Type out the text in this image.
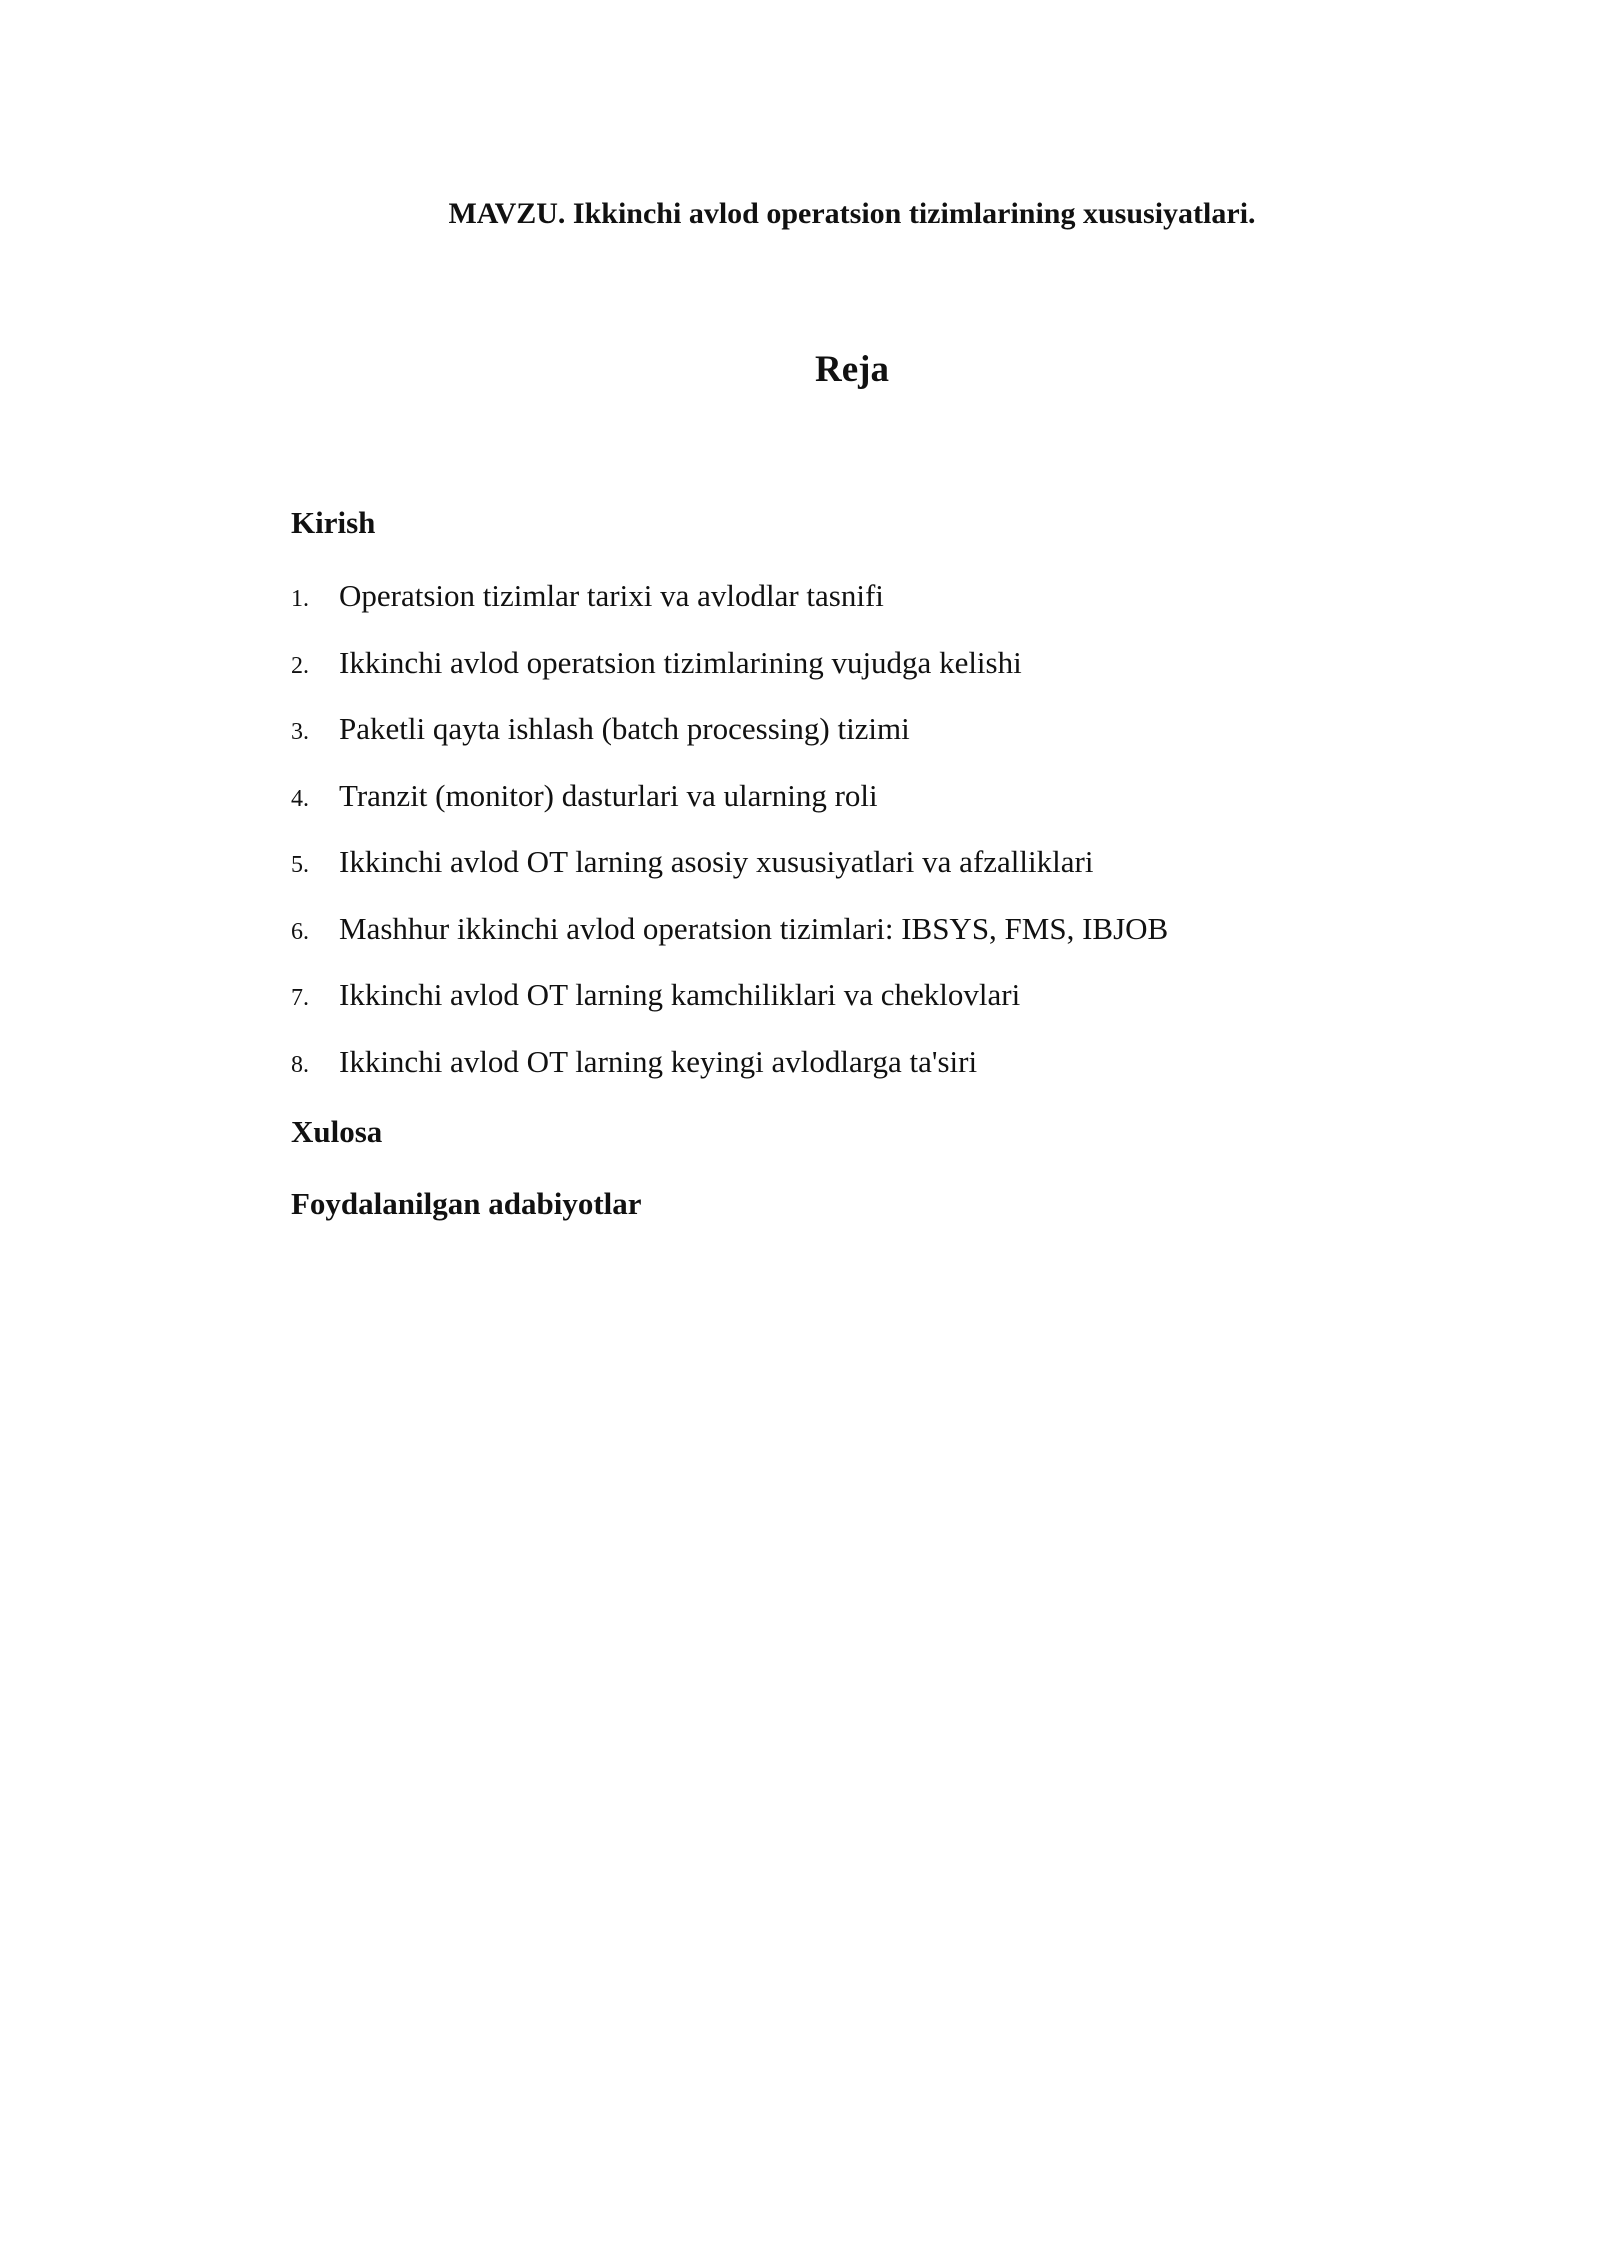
MAVZU. Ikkinchi avlod operatsion tizimlarining xususiyatlari.
Reja
Kirish
1. Operatsion tizimlar tarixi va avlodlar tasnifi
2. Ikkinchi avlod operatsion tizimlarining vujudga kelishi
3. Paketli qayta ishlash (batch processing) tizimi
4. Tranzit (monitor) dasturlari va ularning roli
5. Ikkinchi avlod OT larning asosiy xususiyatlari va afzalliklari
6. Mashhur ikkinchi avlod operatsion tizimlari: IBSYS, FMS, IBJOB
7. Ikkinchi avlod OT larning kamchiliklari va cheklovlari
8. Ikkinchi avlod OT larning keyingi avlodlarga ta'siri
Xulosa
Foydalanilgan adabiyotlar
